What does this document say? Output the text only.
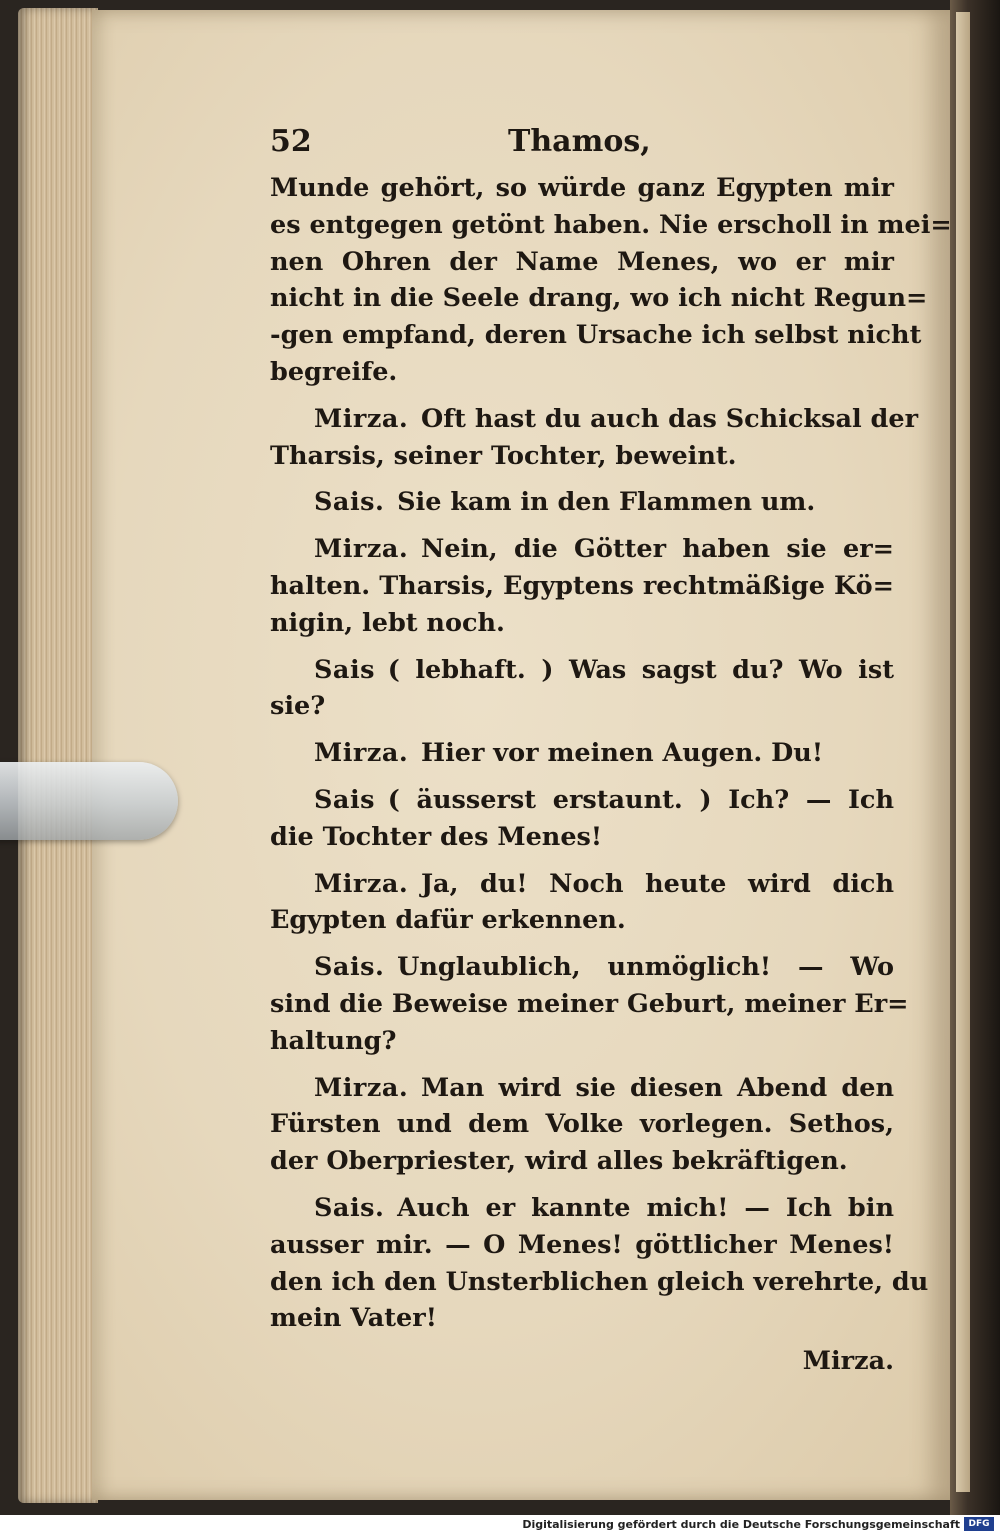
52	Thamos,
Munde gehört, so würde ganz Egypten mir
es entgegen getönt haben. Nie erscholl in mei=
nen Ohren der Name Menes, wo er mir
nicht in die Seele drang, wo ich nicht Regun=
-gen empfand, deren Ursache ich selbst nicht
begreife.
Mirza.  Oft hast du auch das Schicksal der
Tharsis, seiner Tochter, beweint.
Sais.  Sie kam in den Flammen um.
Mirza.  Nein, die Götter haben sie er=
halten. Tharsis, Egyptens rechtmäßige Kö=
nigin, lebt noch.
Sais  ( lebhaft. ) Was sagst du? Wo ist
sie?
Mirza.  Hier vor meinen Augen. Du!
Sais  ( äusserst erstaunt. ) Ich? — Ich
die Tochter des Menes!
Mirza.  Ja, du! Noch heute wird dich
Egypten dafür erkennen.
Sais.  Unglaublich, unmöglich! — Wo
sind die Beweise meiner Geburt, meiner Er=
haltung?
Mirza.  Man wird sie diesen Abend den
Fürsten und dem Volke vorlegen. Sethos,
der Oberpriester, wird alles bekräftigen.
Sais.  Auch er kannte mich! — Ich bin
ausser mir. — O Menes! göttlicher Menes!
den ich den Unsterblichen gleich verehrte, du
mein Vater!
Mirza.
Digitalisierung gefördert durch die Deutsche Forschungsgemeinschaft DFG
